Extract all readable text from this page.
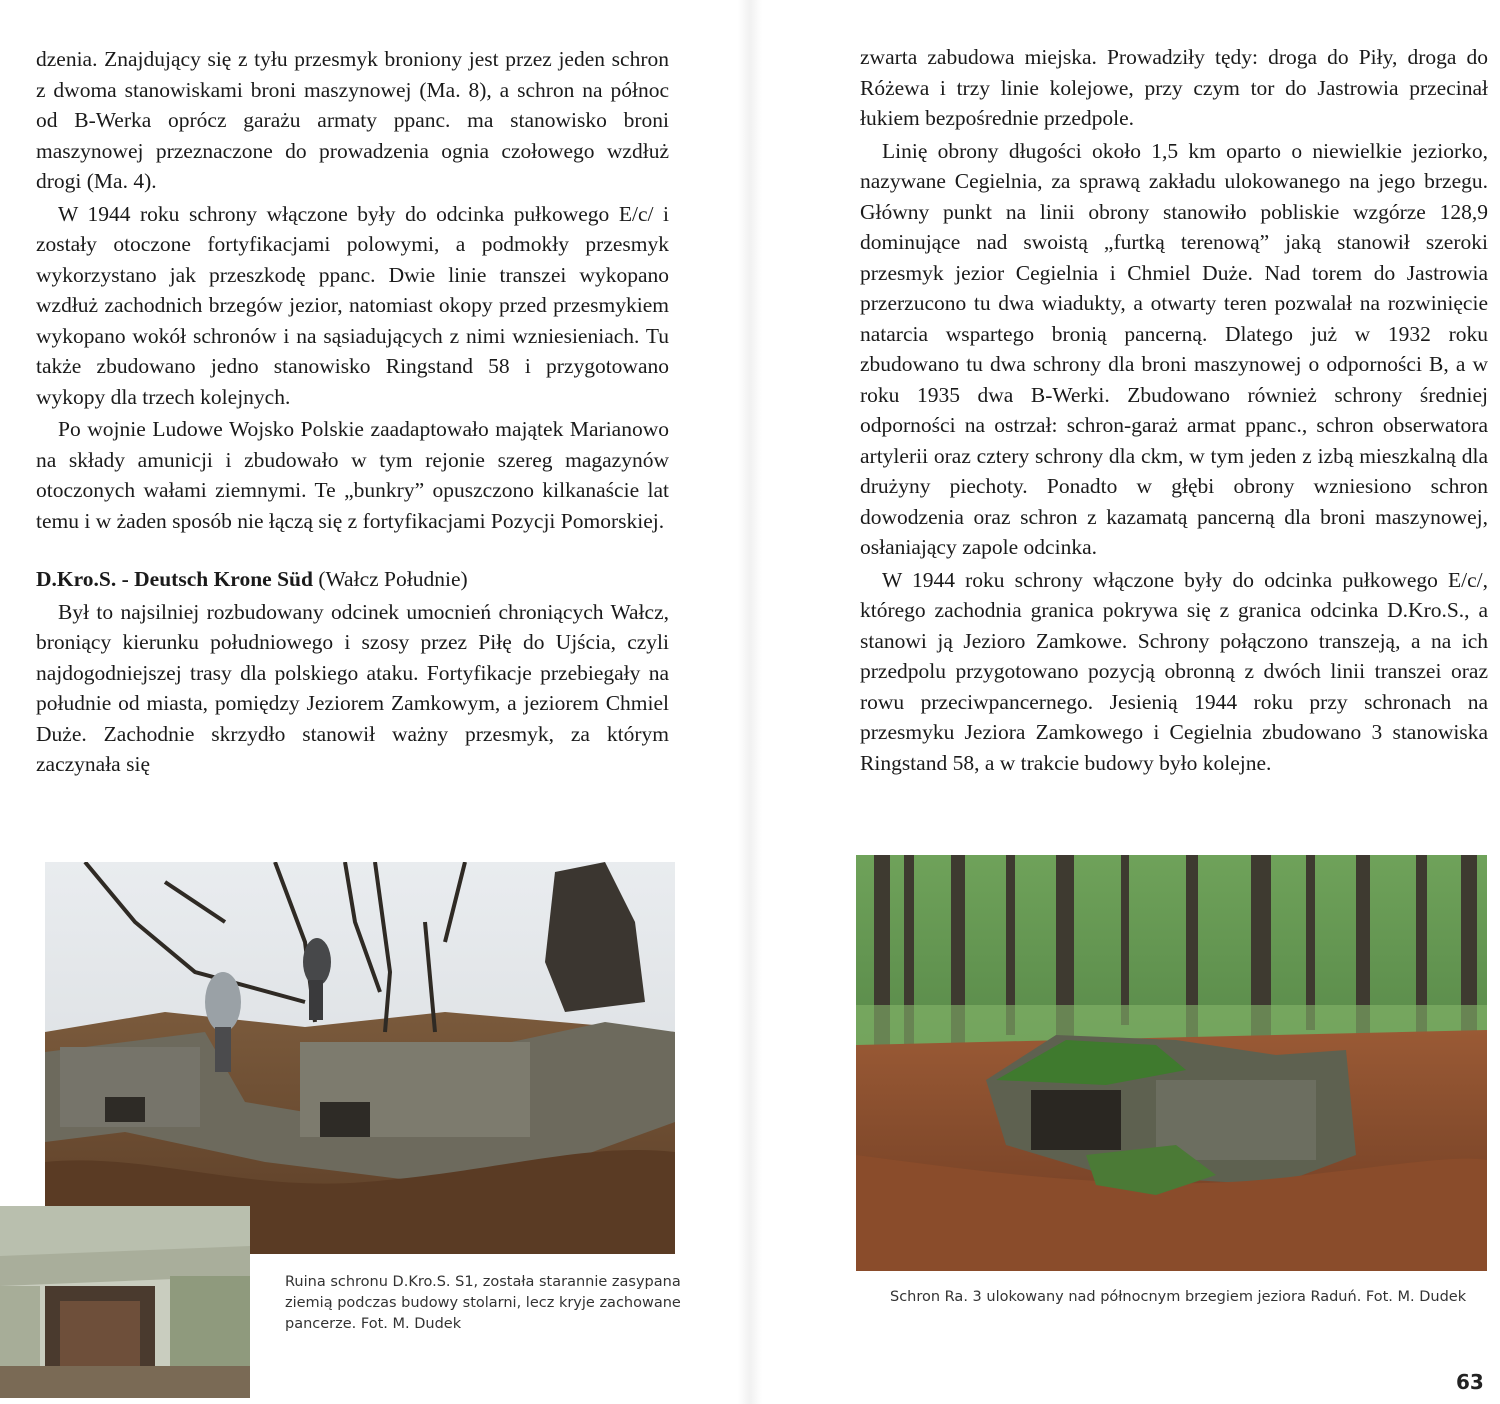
dzenia. Znajdujący się z tyłu przesmyk broniony jest przez jeden schron z dwoma stanowiskami broni maszynowej (Ma. 8), a schron na północ od B-Werka oprócz garażu armaty ppanc. ma stanowisko broni maszynowej przeznaczone do prowadzenia ognia czołowego wzdłuż drogi (Ma. 4).

W 1944 roku schrony włączone były do odcinka pułkowego E/c/ i zostały otoczone fortyfikacjami polowymi, a podmokły przesmyk wykorzystano jak przeszkodę ppanc. Dwie linie transzei wykopano wzdłuż zachodnich brzegów jezior, natomiast okopy przed przesmykiem wykopano wokół schronów i na sąsiadujących z nimi wzniesieniach. Tu także zbudowano jedno stanowisko Ringstand 58 i przygotowano wykopy dla trzech kolejnych.

Po wojnie Ludowe Wojsko Polskie zaadaptowało majątek Marianowo na składy amunicji i zbudowało w tym rejonie szereg magazynów otoczonych wałami ziemnymi. Te „bunkry” opuszczono kilkanaście lat temu i w żaden sposób nie łączą się z fortyfikacjami Pozycji Pomorskiej.

D.Kro.S. - Deutsch Krone Süd (Wałcz Południe)

Był to najsilniej rozbudowany odcinek umocnień chroniących Wałcz, broniący kierunku południowego i szosy przez Piłę do Ujścia, czyli najdogodniejszej trasy dla polskiego ataku. Fortyfikacje przebiegały na południe od miasta, pomiędzy Jeziorem Zamkowym, a jeziorem Chmiel Duże. Zachodnie skrzydło stanowił ważny przesmyk, za którym zaczynała się

Ruina schronu D.Kro.S. S1, została starannie zasypana ziemią podczas budowy stolarni, lecz kryje zachowane pancerze. Fot. M. Dudek

zwarta zabudowa miejska. Prowadziły tędy: droga do Piły, droga do Różewa i trzy linie kolejowe, przy czym tor do Jastrowia przecinał łukiem bezpośrednie przedpole.

Linię obrony długości około 1,5 km oparto o niewielkie jeziorko, nazywane Cegielnia, za sprawą zakładu ulokowanego na jego brzegu. Główny punkt na linii obrony stanowiło pobliskie wzgórze 128,9 dominujące nad swoistą „furtką terenową” jaką stanowił szeroki przesmyk jezior Cegielnia i Chmiel Duże. Nad torem do Jastrowia przerzucono tu dwa wiadukty, a otwarty teren pozwalał na rozwinięcie natarcia wspartego bronią pancerną. Dlatego już w 1932 roku zbudowano tu dwa schrony dla broni maszynowej o odporności B, a w roku 1935 dwa B-Werki. Zbudowano również schrony średniej odporności na ostrzał: schron-garaż armat ppanc., schron obserwatora artylerii oraz cztery schrony dla ckm, w tym jeden z izbą mieszkalną dla drużyny piechoty. Ponadto w głębi obrony wzniesiono schron dowodzenia oraz schron z kazamatą pancerną dla broni maszynowej, osłaniający zapole odcinka.

W 1944 roku schrony włączone były do odcinka pułkowego E/c/, którego zachodnia granica pokrywa się z granica odcinka D.Kro.S., a stanowi ją Jezioro Zamkowe. Schrony połączono transzeją, a na ich przedpolu przygotowano pozycją obronną z dwóch linii transzei oraz rowu przeciwpancernego. Jesienią 1944 roku przy schronach na przesmyku Jeziora Zamkowego i Cegielnia zbudowano 3 stanowiska Ringstand 58, a w trakcie budowy było kolejne.

Schron Ra. 3 ulokowany nad północnym brzegiem jeziora Raduń. Fot. M. Dudek
63
